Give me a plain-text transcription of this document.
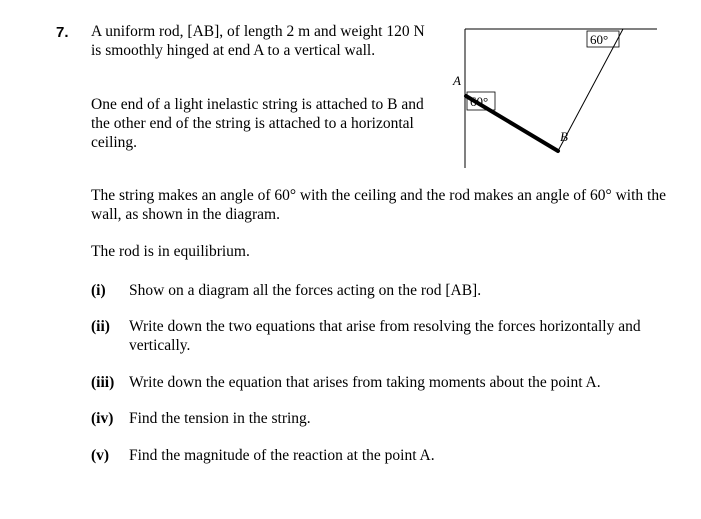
7. A uniform rod, [AB], of length 2 m and weight 120 N is smoothly hinged at end A to a vertical wall.
One end of a light inelastic string is attached to B and the other end of the string is attached to a horizontal ceiling.
The string makes an angle of 60° with the ceiling and the rod makes an angle of 60° with the wall, as shown in the diagram.
The rod is in equilibrium.
(i) Show on a diagram all the forces acting on the rod [AB].
(ii) Write down the two equations that arise from resolving the forces horizontally and vertically.
(iii) Write down the equation that arises from taking moments about the point A.
(iv) Find the tension in the string.
(v) Find the magnitude of the reaction at the point A.
A
B
60°
60°
